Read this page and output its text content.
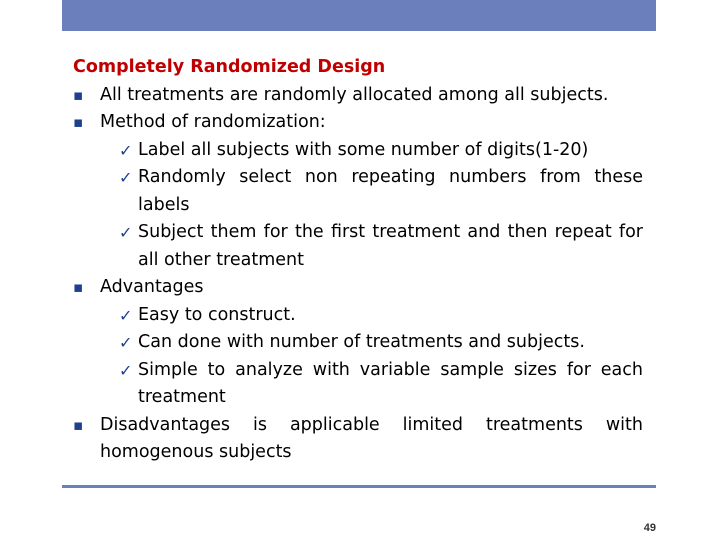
Completely Randomized Design
▪ All treatments are randomly allocated among all subjects.
▪ Method of randomization:
✓ Label all subjects with some number of digits(1-20)
✓ Randomly select non repeating numbers from these labels
✓ Subject them for the first treatment and then repeat for all other treatment
▪ Advantages
✓ Easy to construct.
✓ Can done with number of treatments and subjects.
✓ Simple to analyze with variable sample sizes for each treatment
▪ Disadvantages is applicable limited treatments with homogenous subjects
49
